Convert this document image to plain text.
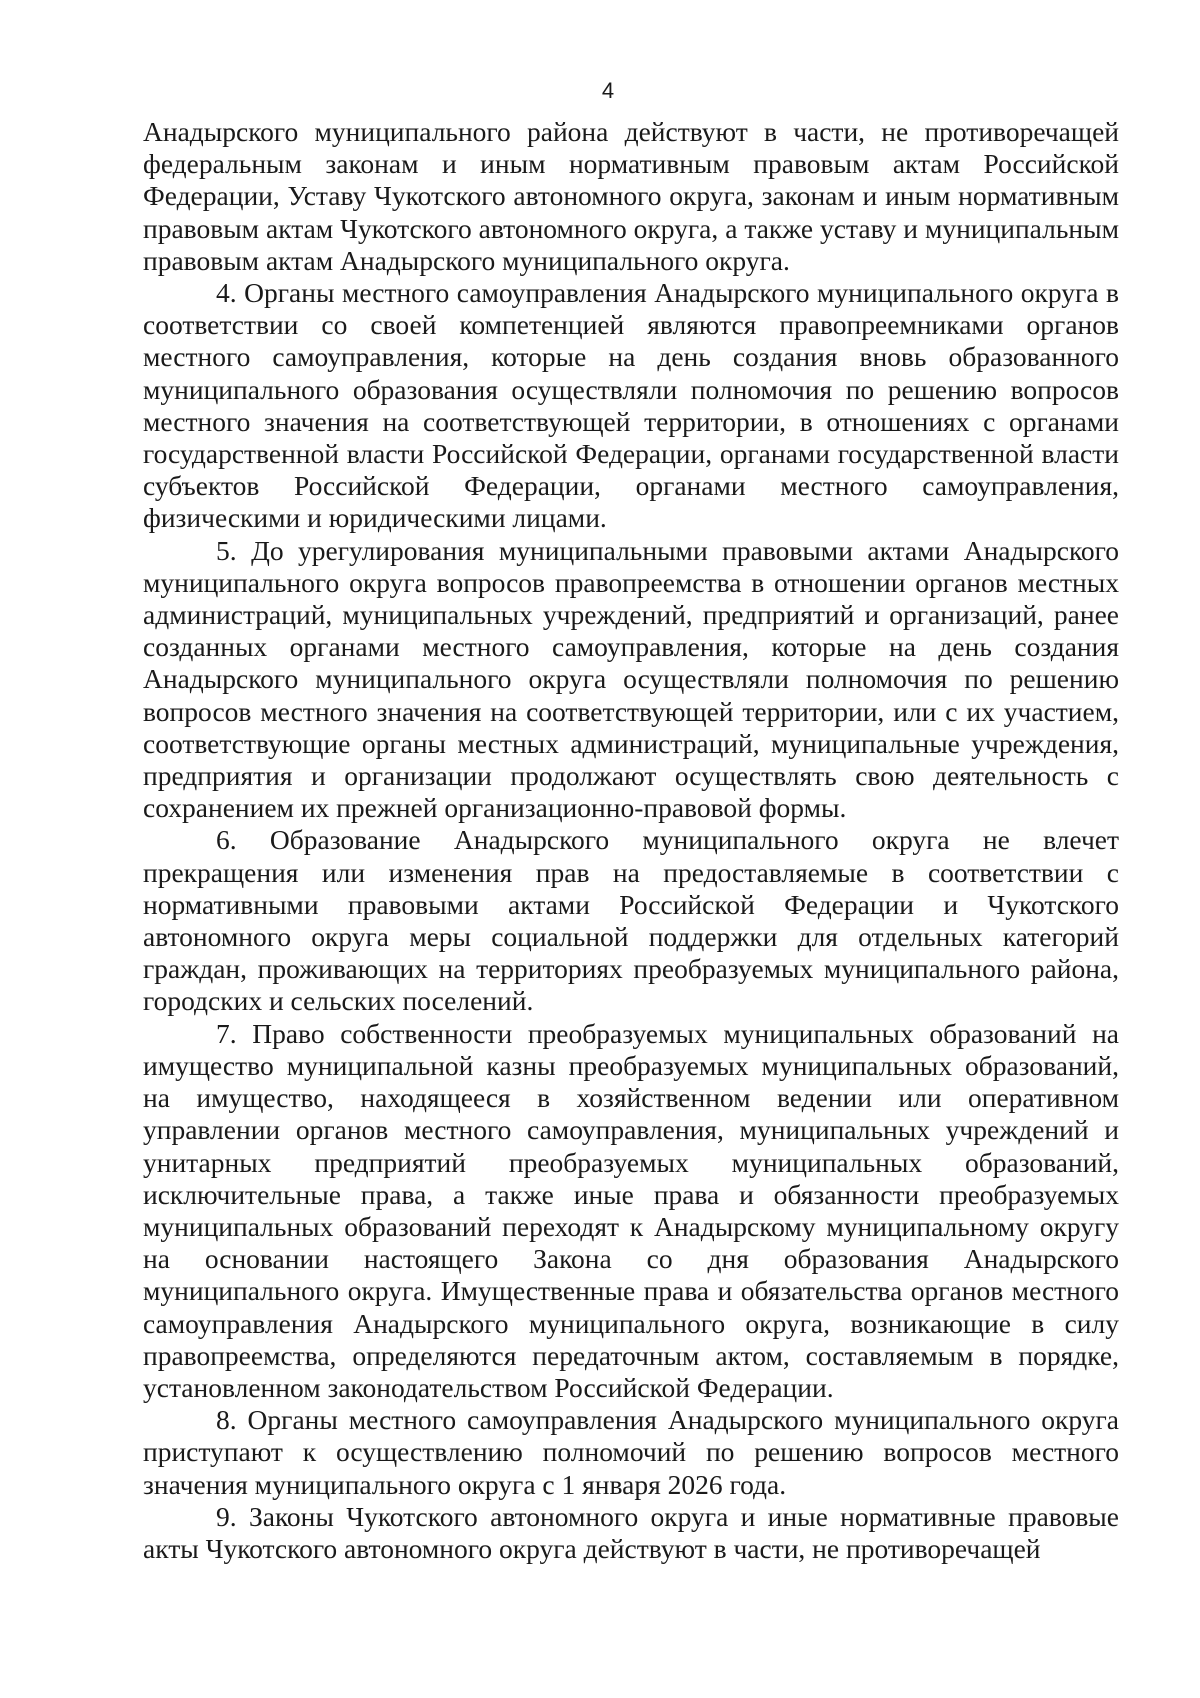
4

Анадырского муниципального района действуют в части, не противоречащей федеральным законам и иным нормативным правовым актам Российской Федерации, Уставу Чукотского автономного округа, законам и иным нормативным правовым актам Чукотского автономного округа, а также уставу и муниципальным правовым актам Анадырского муниципального округа.

4. Органы местного самоуправления Анадырского муниципального округа в соответствии со своей компетенцией являются правопреемниками органов местного самоуправления, которые на день создания вновь образованного муниципального образования осуществляли полномочия по решению вопросов местного значения на соответствующей территории, в отношениях с органами государственной власти Российской Федерации, органами государственной власти субъектов Российской Федерации, органами местного самоуправления, физическими и юридическими лицами.

5. До урегулирования муниципальными правовыми актами Анадырского муниципального округа вопросов правопреемства в отношении органов местных администраций, муниципальных учреждений, предприятий и организаций, ранее созданных органами местного самоуправления, которые на день создания Анадырского муниципального округа осуществляли полномочия по решению вопросов местного значения на соответствующей территории, или с их участием, соответствующие органы местных администраций, муниципальные учреждения, предприятия и организации продолжают осуществлять свою деятельность с сохранением их прежней организационно-правовой формы.

6. Образование Анадырского муниципального округа не влечет прекращения или изменения прав на предоставляемые в соответствии с нормативными правовыми актами Российской Федерации и Чукотского автономного округа меры социальной поддержки для отдельных категорий граждан, проживающих на территориях преобразуемых муниципального района, городских и сельских поселений.

7. Право собственности преобразуемых муниципальных образований на имущество муниципальной казны преобразуемых муниципальных образований, на имущество, находящееся в хозяйственном ведении или оперативном управлении органов местного самоуправления, муниципальных учреждений и унитарных предприятий преобразуемых муниципальных образований, исключительные права, а также иные права и обязанности преобразуемых муниципальных образований переходят к Анадырскому муниципальному округу на основании настоящего Закона со дня образования Анадырского муниципального округа. Имущественные права и обязательства органов местного самоуправления Анадырского муниципального округа, возникающие в силу правопреемства, определяются передаточным актом, составляемым в порядке, установленном законодательством Российской Федерации.

8. Органы местного самоуправления Анадырского муниципального округа приступают к осуществлению полномочий по решению вопросов местного значения муниципального округа с 1 января 2026 года.

9. Законы Чукотского автономного округа и иные нормативные правовые акты Чукотского автономного округа действуют в части, не противоречащей
